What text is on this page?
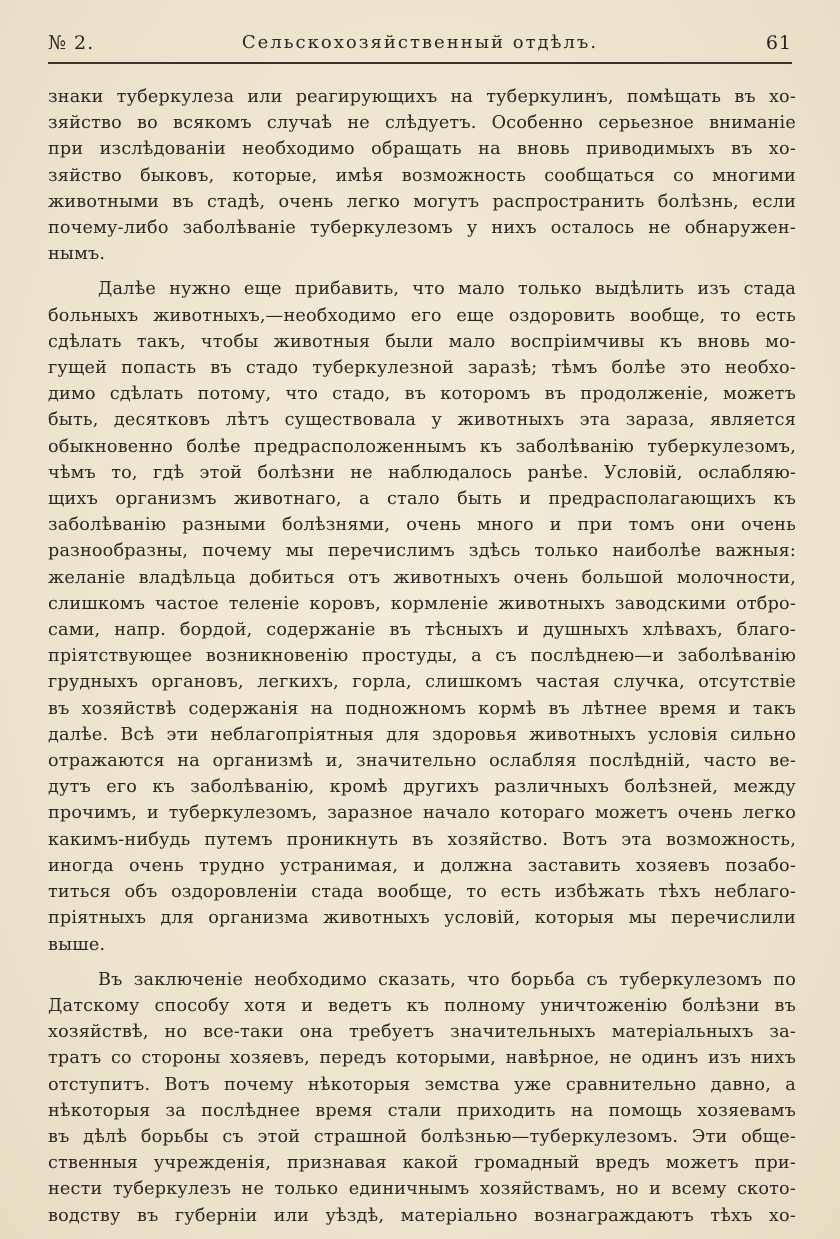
№ 2.	Сельскохозяйственный отдѣлъ.	61
знаки туберкулеза или реагирующихъ на туберкулинъ, помѣщать въ хо-
зяйство во всякомъ случаѣ не слѣдуетъ. Особенно серьезное вниманіе
при изслѣдованіи необходимо обращать на вновь приводимыхъ въ хо-
зяйство быковъ, которые, имѣя возможность сообщаться со многими
животными въ стадѣ, очень легко могутъ распространить болѣзнь, если
почему-либо заболѣваніе туберкулезомъ у нихъ осталось не обнаружен-
нымъ.
Далѣе нужно еще прибавить, что мало только выдѣлить изъ стада
больныхъ животныхъ,—необходимо его еще оздоровить вообще, то есть
сдѣлать такъ, чтобы животныя были мало воспріимчивы къ вновь мо-
гущей попасть въ стадо туберкулезной заразѣ; тѣмъ болѣе это необхо-
димо сдѣлать потому, что стадо, въ которомъ въ продолженіе, можетъ
быть, десятковъ лѣтъ существовала у животныхъ эта зараза, является
обыкновенно болѣе предрасположеннымъ къ заболѣванію туберкулезомъ,
чѣмъ то, гдѣ этой болѣзни не наблюдалось ранѣе. Условій, ослабляю-
щихъ организмъ животнаго, а стало быть и предрасполагающихъ къ
заболѣванію разными болѣзнями, очень много и при томъ они очень
разнообразны, почему мы перечислимъ здѣсь только наиболѣе важныя:
желаніе владѣльца добиться отъ животныхъ очень большой молочности,
слишкомъ частое теленіе коровъ, кормленіе животныхъ заводскими отбро-
сами, напр. бордой, содержаніе въ тѣсныхъ и душныхъ хлѣвахъ, благо-
пріятствующее возникновенію простуды, а съ послѣднею—и заболѣванію
грудныхъ органовъ, легкихъ, горла, слишкомъ частая случка, отсутствіе
въ хозяйствѣ содержанія на подножномъ кормѣ въ лѣтнее время и такъ
далѣе. Всѣ эти неблагопріятныя для здоровья животныхъ условія сильно
отражаются на организмѣ и, значительно ослабляя послѣдній, часто ве-
дутъ его къ заболѣванію, кромѣ другихъ различныхъ болѣзней, между
прочимъ, и туберкулезомъ, заразное начало котораго можетъ очень легко
какимъ-нибудь путемъ проникнуть въ хозяйство. Вотъ эта возможность,
иногда очень трудно устранимая, и должна заставить хозяевъ позабо-
титься объ оздоровленіи стада вообще, то есть избѣжать тѣхъ неблаго-
пріятныхъ для организма животныхъ условій, которыя мы перечислили
выше.
Въ заключеніе необходимо сказать, что борьба съ туберкулезомъ по
Датскому способу хотя и ведетъ къ полному уничтоженію болѣзни въ
хозяйствѣ, но все-таки она требуетъ значительныхъ матеріальныхъ за-
тратъ со стороны хозяевъ, передъ которыми, навѣрное, не одинъ изъ нихъ
отступитъ. Вотъ почему нѣкоторыя земства уже сравнительно давно, а
нѣкоторыя за послѣднее время стали приходить на помощь хозяевамъ
въ дѣлѣ борьбы съ этой страшной болѣзнью—туберкулезомъ. Эти обще-
ственныя учрежденія, признавая какой громадный вредъ можетъ при-
нести туберкулезъ не только единичнымъ хозяйствамъ, но и всему ското-
водству въ губерніи или уѣздѣ, матеріально вознаграждаютъ тѣхъ хо-
